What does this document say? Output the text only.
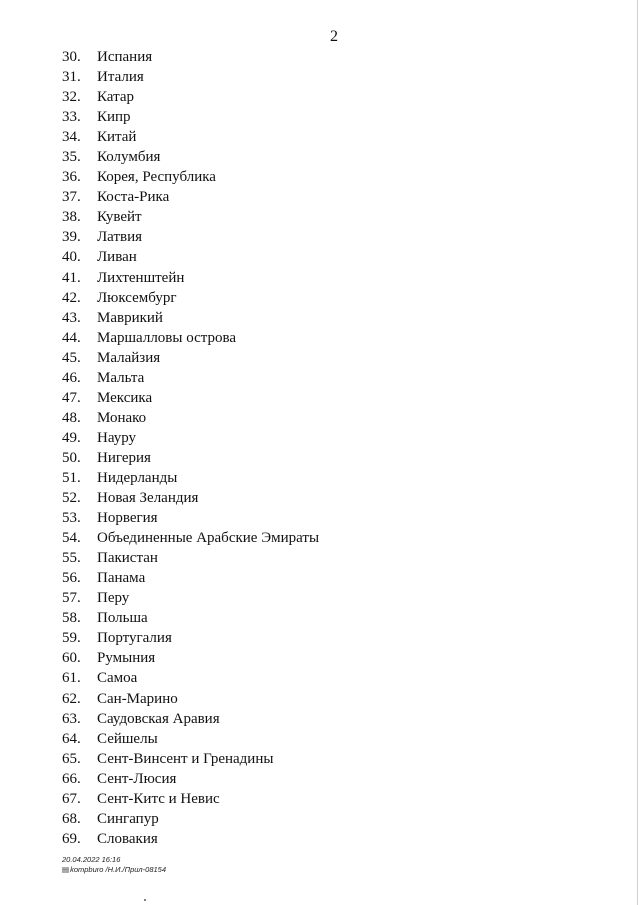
2
30.	Испания
31.	Италия
32.	Катар
33.	Кипр
34.	Китай
35.	Колумбия
36.	Корея, Республика
37.	Коста-Рика
38.	Кувейт
39.	Латвия
40.	Ливан
41.	Лихтенштейн
42.	Люксембург
43.	Маврикий
44.	Маршалловы острова
45.	Малайзия
46.	Мальта
47.	Мексика
48.	Монако
49.	Науру
50.	Нигерия
51.	Нидерланды
52.	Новая Зеландия
53.	Норвегия
54.	Объединенные Арабские Эмираты
55.	Пакистан
56.	Панама
57.	Перу
58.	Польша
59.	Португалия
60.	Румыния
61.	Самоа
62.	Сан-Марино
63.	Саудовская Аравия
64.	Сейшелы
65.	Сент-Винсент и Гренадины
66.	Сент-Люсия
67.	Сент-Китс и Невис
68.	Сингапур
69.	Словакия
20.04.2022 16:16
▤kompburo /Н.И./Прил-08154
